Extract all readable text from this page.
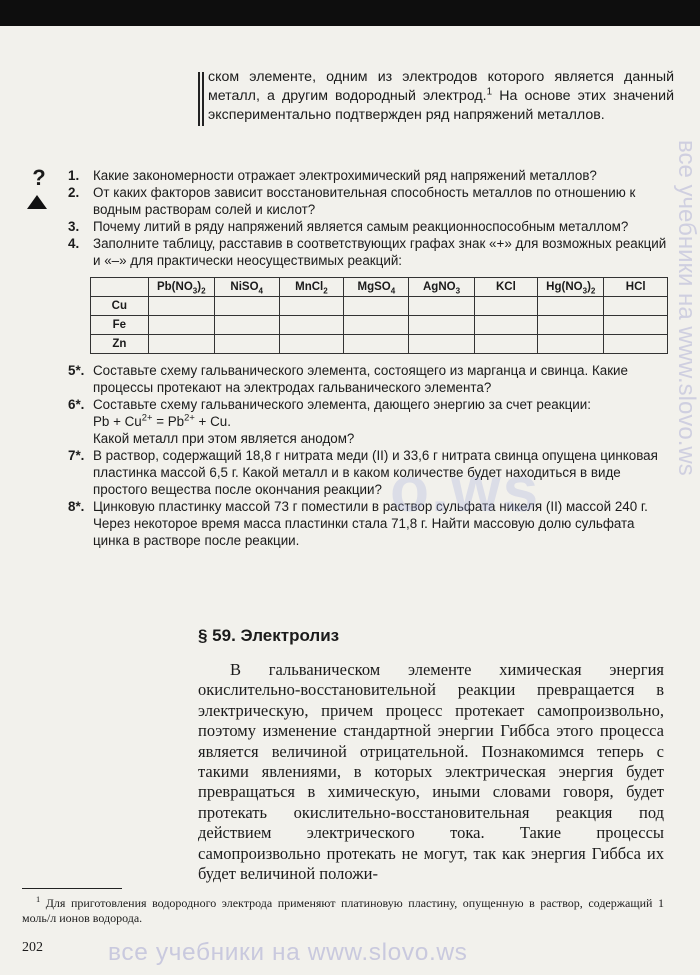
ском элементе, одним из электродов которого является данный металл, а другим водородный электрод.$^1$ На основе этих значений экспериментально подтвержден ряд напряжений металлов.

? 1. Какие закономерности отражает электрохимический ряд напряжений металлов?
2. От каких факторов зависит восстановительная способность металлов по отношению к водным растворам солей и кислот?
3. Почему литий в ряду напряжений является самым реакционноспособным металлом?
4. Заполните таблицу, расставив в соответствующих графах знак «+» для возможных реакций и «–» для практически неосуществимых реакций:
	$Pb(NO_3)_2$	NiSO$_4$	MnCl$_2$	MgSO$_4$	AgNO$_3$	KCl	$Hg(NO_3)_2$	HCl
Cu								
Fe								
Zn								
5*. Составьте схему гальванического элемента, состоящего из марганца и свинца. Какие процессы протекают на электродах гальванического элемента?
6*. Составьте схему гальванического элемента, дающего энергию за счет реакции:
$Pb + Cu^{2+} = Pb^{2+} + Cu$.
Какой металл при этом является анодом?
7*. В раствор, содержащий 18,8 г нитрата меди (II) и 33,6 г нитрата свинца опущена цинковая пластинка массой 6,5 г. Какой металл и в каком количестве будет находиться в виде простого вещества после окончания реакции?
8*. Цинковую пластинку массой 73 г поместили в раствор сульфата никеля (II) массой 240 г. Через некоторое время масса пластинки стала 71,8 г. Найти массовую долю сульфата цинка в растворе после реакции.
o.ws
§ 59. Электролиз

В гальваническом элементе химическая энергия окислительно-восстановительной реакции превращается в электрическую, причем процесс протекает самопроизвольно, поэтому изменение стандартной энергии Гиббса этого процесса является величиной отрицательной. Познакомимся теперь с такими явлениями, в которых электрическая энергия будет превращаться в химическую, иными словами говоря, будет протекать окислительно-восстановительная реакция под действием электрического тока. Такие процессы самопроизвольно протекать не могут, так как энергия Гиббса их будет величиной положи-

$^1$ Для приготовления водородного электрода применяют платиновую пластину, опущенную в раствор, содержащий 1 моль/л ионов водорода.
202	все учебники на www.slovo.ws
все учебники на www.slovo.ws
